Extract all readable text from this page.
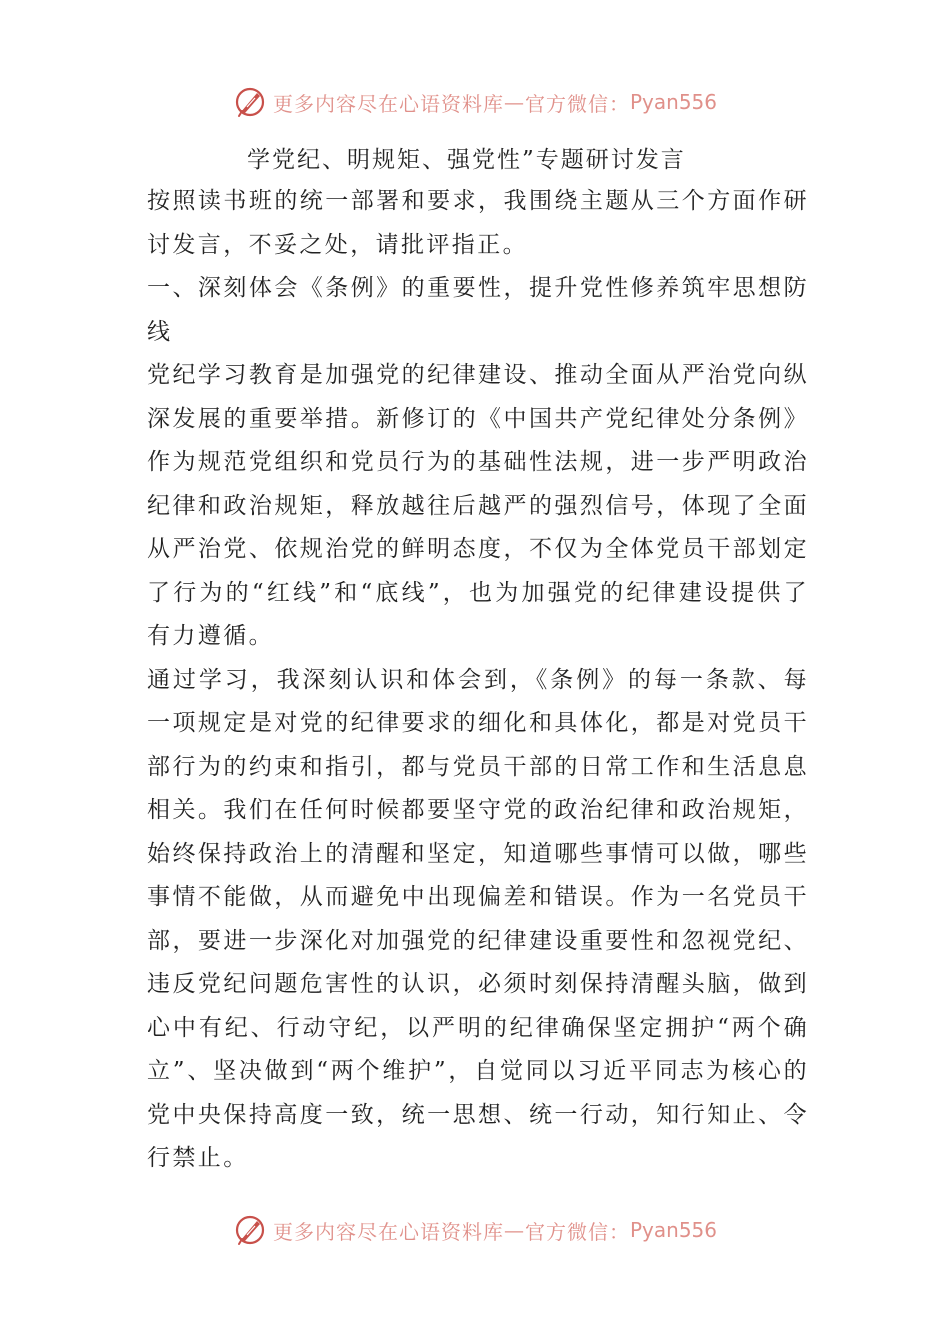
更多内容尽在心语资料库 — 官方微信： Pyan556
学党纪、明规矩、强党性”专题研讨发言

按照读书班的统一部署和要求，我围绕主题从三个方面作研讨发言，不妥之处，请批评指正。

一、深刻体会《条例》的重要性，提升党性修养筑牢思想防线

党纪学习教育是加强党的纪律建设、推动全面从严治党向纵深发展的重要举措。新修订的《中国共产党纪律处分条例》作为规范党组织和党员行为的基础性法规，进一步严明政治纪律和政治规矩，释放越往后越严的强烈信号，体现了全面从严治党、依规治党的鲜明态度，不仅为全体党员干部划定了行为的“红线”和“底线”，也为加强党的纪律建设提供了有力遵循。

通过学习，我深刻认识和体会到，《条例》的每一条款、每一项规定是对党的纪律要求的细化和具体化，都是对党员干部行为的约束和指引，都与党员干部的日常工作和生活息息相关。我们在任何时候都要坚守党的政治纪律和政治规矩，始终保持政治上的清醒和坚定，知道哪些事情可以做，哪些事情不能做，从而避免中出现偏差和错误。作为一名党员干部，要进一步深化对加强党的纪律建设重要性和忽视党纪、违反党纪问题危害性的认识，必须时刻保持清醒头脑，做到心中有纪、行动守纪，以严明的纪律确保坚定拥护“两个确立”、坚决做到“两个维护”，自觉同以习近平同志为核心的党中央保持高度一致，统一思想、统一行动，知行知止、令行禁止。

更多内容尽在心语资料库 — 官方微信： Pyan556
